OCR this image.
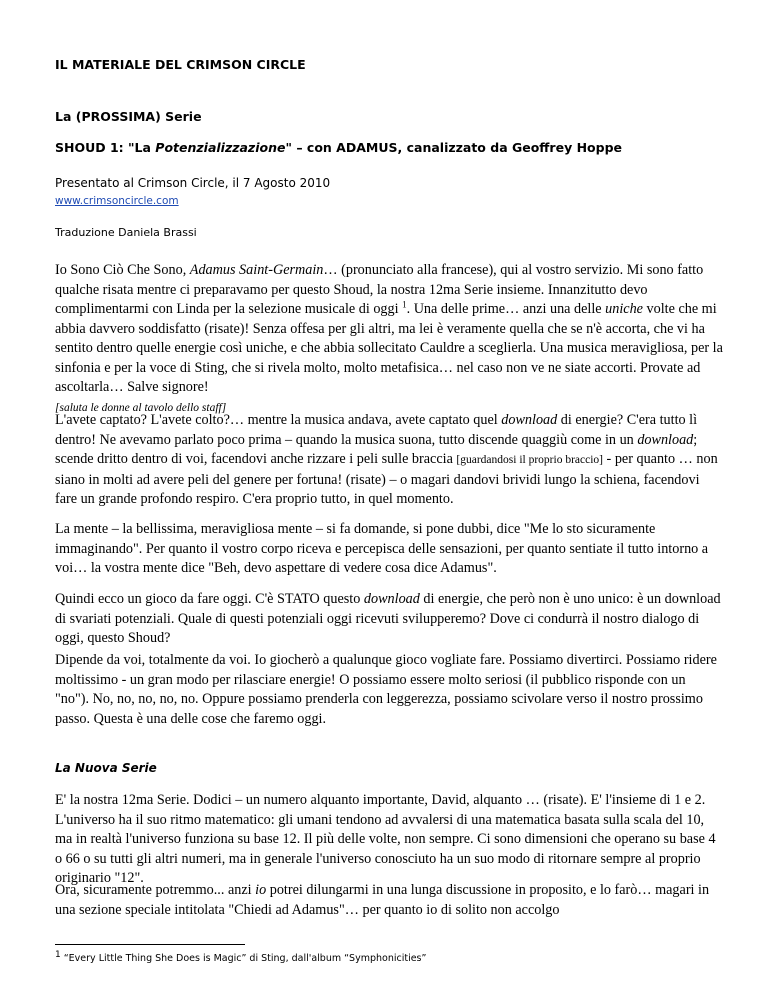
IL MATERIALE DEL CRIMSON CIRCLE
La (PROSSIMA) Serie
SHOUD 1: "La Potenzializzazione" – con ADAMUS, canalizzato da Geoffrey Hoppe
Presentato al Crimson Circle, il 7 Agosto 2010
www.crimsoncircle.com
Traduzione Daniela Brassi

Io Sono Ciò Che Sono, Adamus Saint-Germain… (pronunciato alla francese), qui al vostro servizio. Mi sono fatto qualche risata mentre ci preparavamo per questo Shoud, la nostra 12ma Serie insieme. Innanzitutto devo complimentarmi con Linda per la selezione musicale di oggi $^1$. Una delle prime… anzi una delle uniche volte che mi abbia davvero soddisfatto (risate)! Senza offesa per gli altri, ma lei è veramente quella che se n'è accorta, che vi ha sentito dentro quelle energie così uniche, e che abbia sollecitato Cauldre a sceglierla. Una musica meravigliosa, per la sinfonia e per la voce di Sting, che si rivela molto, molto metafisica… nel caso non ve ne siate accorti. Provate ad ascoltarla… Salve signore!
[saluta le donne al tavolo dello staff]

L'avete captato? L'avete colto?… mentre la musica andava, avete captato quel download di energie? C'era tutto lì dentro! Ne avevamo parlato poco prima – quando la musica suona, tutto discende quaggiù come in un download; scende dritto dentro di voi, facendovi anche rizzare i peli sulle braccia [guardandosi il proprio braccio] - per quanto … non siano in molti ad avere peli del genere per fortuna! (risate) – o magari dandovi brividi lungo la schiena, facendovi fare un grande profondo respiro. C'era proprio tutto, in quel momento.

La mente – la bellissima, meravigliosa mente – si fa domande, si pone dubbi, dice "Me lo sto sicuramente immaginando". Per quanto il vostro corpo riceva e percepisca delle sensazioni, per quanto sentiate il tutto intorno a voi… la vostra mente dice "Beh, devo aspettare di vedere cosa dice Adamus".

Quindi ecco un gioco da fare oggi. C'è STATO questo download di energie, che però non è uno unico: è un download di svariati potenziali. Quale di questi potenziali oggi ricevuti svilupperemo? Dove ci condurrà il nostro dialogo di oggi, questo Shoud?

Dipende da voi, totalmente da voi. Io giocherò a qualunque gioco vogliate fare. Possiamo divertirci. Possiamo ridere moltissimo - un gran modo per rilasciare energie! O possiamo essere molto seriosi (il pubblico risponde con un "no"). No, no, no, no, no. Oppure possiamo prenderla con leggerezza, possiamo scivolare verso il nostro prossimo passo. Questa è una delle cose che faremo oggi.

La Nuova Serie

E' la nostra 12ma Serie. Dodici – un numero alquanto importante, David, alquanto … (risate). E' l'insieme di 1 e 2. L'universo ha il suo ritmo matematico: gli umani tendono ad avvalersi di una matematica basata sulla scala del 10, ma in realtà l'universo funziona su base 12. Il più delle volte, non sempre. Ci sono dimensioni che operano su base 4 o 66 o su tutti gli altri numeri, ma in generale l'universo conosciuto ha un suo modo di ritornare sempre al proprio originario "12".

Ora, sicuramente potremmo... anzi io potrei dilungarmi in una lunga discussione in proposito, e lo farò… magari in una sezione speciale intitolata "Chiedi ad Adamus"… per quanto io di solito non accolgo

$^1$ “Every Little Thing She Does is Magic” di Sting, dall'album “Symphonicities”
